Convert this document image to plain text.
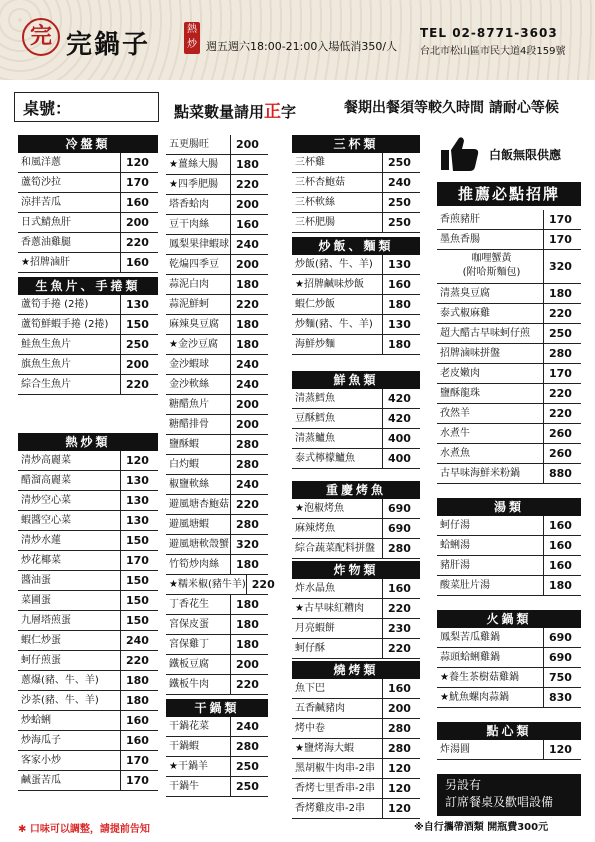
完 完鍋子
熱炒 週五週六18:00-21:00入場低消350/人
TEL 02-8771-3603
台北市松山區市民大道4段159號
桌號：	點菜數量請用正字	餐期出餐須等較久時間 請耐心等候
冷盤類
和風洋蔥	120
蘆筍沙拉	170
涼拌苦瓜	160
日式鯖魚肝	200
香蔥油雞腿	220
★招牌滷肝	160
生魚片、手捲類
蘆筍手捲 (2捲)	130
蘆筍鮮蝦手捲 (2捲)	150
鮭魚生魚片	250
旗魚生魚片	200
綜合生魚片	220
熱炒類
清炒高麗菜	120
醋溜高麗菜	130
清炒空心菜	130
蝦醬空心菜	130
清炒水蓮	150
炒花椰菜	170
醬油蛋	150
菜圃蛋	150
九層塔煎蛋	150
蝦仁炒蛋	240
蚵仔煎蛋	220
蔥爆(豬、牛、羊)	180
沙茶(豬、牛、羊)	180
炒蛤蜊	160
炒海瓜子	160
客家小炒	170
鹹蛋苦瓜	170
五更腸旺	200
★薑絲大腸	180
★四季肥腸	220
塔香蛤肉	200
豆干肉絲	160
鳳梨果律蝦球 240
乾煸四季豆	200
蒜泥白肉	180
蒜泥鮮蚵	220
麻辣臭豆腐	180
★金沙豆腐	180
金沙蝦球	240
金沙軟絲	240
糖醋魚片	200
糖醋排骨	200
鹽酥蝦	280
白灼蝦	280
椒鹽軟絲	240
避風塘杏鮑菇 220
避風塘蝦	280
避風塘軟殼蟹 320
竹筍炒肉絲	180
★糯米椒(豬牛羊) 220
丁香花生	180
宮保皮蛋	180
宮保雞丁	180
鐵板豆腐	200
鐵板牛肉	220
干鍋類
干鍋花菜	240
干鍋蝦	280
★干鍋羊	250
干鍋牛	250
三杯類
三杯雞	250
三杯杏鮑菇	240
三杯軟絲	250
三杯肥腸	250
炒飯、麵類
炒飯(豬、牛、羊)	130
★招牌鹹味炒飯	160
蝦仁炒飯	180
炒麵(豬、牛、羊)	130
海鮮炒麵	180
鮮魚類
清蒸鱈魚	420
豆酥鱈魚	420
清蒸鱸魚	400
泰式檸檬鱸魚	400
重慶烤魚
★泡椒烤魚	690
麻辣烤魚	690
綜合蔬菜配料拼盤	280
炸物類
炸水晶魚	160
★古早味紅糟肉	220
月亮蝦餅	230
蚵仔酥	220
燒烤類
魚下巴	160
五香鹹豬肉	200
烤中卷	280
★鹽烤海大蝦	280
黑胡椒牛肉串-2串	120
香烤七里香串-2串	120
香烤雞皮串-2串	120
白飯無限供應
推薦必點招牌
香煎豬肝	170
墨魚香腸	170
咖哩蟹黃
(附哈斯麵包)	320
清蒸臭豆腐	180
泰式椒麻雞	220
超大醋古早味蚵仔煎	250
招牌滷味拼盤	280
老皮嫩肉	170
鹽酥龍珠	220
孜然羊	220
水煮牛	260
水煮魚	260
古早味海鮮米粉鍋	880
湯類
蚵仔湯	160
蛤蜊湯	160
豬肝湯	160
酸菜肚片湯	180
火鍋類
鳳梨苦瓜雞鍋	690
蒜頭蛤蜊雞鍋	690
★養生茶樹菇雞鍋	750
★魷魚螺肉蒜鍋	830
點心類
炸湯圓	120
另設有
訂席餐桌及歡唱設備
✱ 口味可以調整，請提前告知	※自行攜帶酒類 開瓶費300元
